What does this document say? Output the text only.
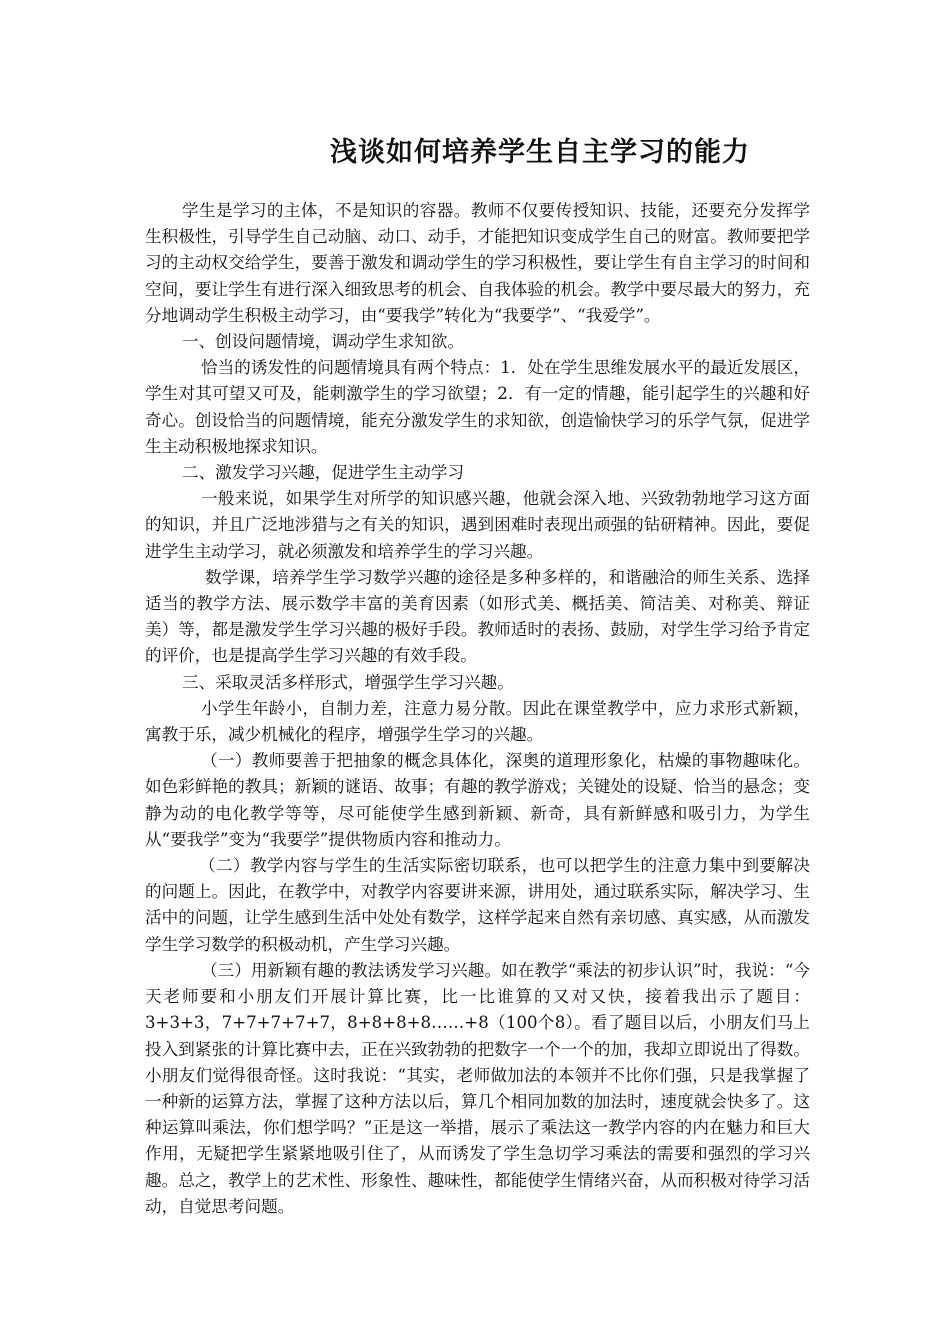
浅谈如何培养学生自主学习的能力

学生是学习的主体，不是知识的容器。教师不仅要传授知识、技能，还要充分发挥学生积极性，引导学生自己动脑、动口、动手，才能把知识变成学生自己的财富。教师要把学习的主动权交给学生，要善于激发和调动学生的学习积极性，要让学生有自主学习的时间和空间，要让学生有进行深入细致思考的机会、自我体验的机会。教学中要尽最大的努力，充分地调动学生积极主动学习，由“要我学”转化为“我要学”、“我爱学”。

一、创设问题情境，调动学生求知欲。

恰当的诱发性的问题情境具有两个特点：1．处在学生思维发展水平的最近发展区，学生对其可望又可及，能刺激学生的学习欲望；2．有一定的情趣，能引起学生的兴趣和好奇心。创设恰当的问题情境，能充分激发学生的求知欲，创造愉快学习的乐学气氛，促进学生主动积极地探求知识。

二、激发学习兴趣，促进学生主动学习

一般来说，如果学生对所学的知识感兴趣，他就会深入地、兴致勃勃地学习这方面的知识，并且广泛地涉猎与之有关的知识，遇到困难时表现出顽强的钻研精神。因此，要促进学生主动学习，就必须激发和培养学生的学习兴趣。

数学课，培养学生学习数学兴趣的途径是多种多样的，和谐融洽的师生关系、选择适当的教学方法、展示数学丰富的美育因素（如形式美、概括美、简洁美、对称美、辩证美）等，都是激发学生学习兴趣的极好手段。教师适时的表扬、鼓励，对学生学习给予肯定的评价，也是提高学生学习兴趣的有效手段。

三、采取灵活多样形式，增强学生学习兴趣。

小学生年龄小，自制力差，注意力易分散。因此在课堂教学中，应力求形式新颖，寓教于乐，减少机械化的程序，增强学生学习的兴趣。

（一）教师要善于把抽象的概念具体化，深奥的道理形象化，枯燥的事物趣味化。如色彩鲜艳的教具；新颖的谜语、故事；有趣的教学游戏；关键处的设疑、恰当的悬念；变静为动的电化教学等等，尽可能使学生感到新颖、新奇，具有新鲜感和吸引力，为学生从“要我学”变为“我要学”提供物质内容和推动力。

（二）教学内容与学生的生活实际密切联系，也可以把学生的注意力集中到要解决的问题上。因此，在教学中，对教学内容要讲来源，讲用处，通过联系实际，解决学习、生活中的问题，让学生感到生活中处处有数学，这样学起来自然有亲切感、真实感，从而激发学生学习数学的积极动机，产生学习兴趣。

（三）用新颖有趣的教法诱发学习兴趣。如在教学“乘法的初步认识”时，我说：“今天老师要和小朋友们开展计算比赛，比一比谁算的又对又快，接着我出示了题目：3+3+3，7+7+7+7+7，8+8+8+8……+8（100个8）。看了题目以后，小朋友们马上投入到紧张的计算比赛中去，正在兴致勃勃的把数字一个一个的加，我却立即说出了得数。小朋友们觉得很奇怪。这时我说：“其实，老师做加法的本领并不比你们强，只是我掌握了一种新的运算方法，掌握了这种方法以后，算几个相同加数的加法时，速度就会快多了。这种运算叫乘法，你们想学吗？”正是这一举措，展示了乘法这一教学内容的内在魅力和巨大作用，无疑把学生紧紧地吸引住了，从而诱发了学生急切学习乘法的需要和强烈的学习兴趣。总之，教学上的艺术性、形象性、趣味性，都能使学生情绪兴奋，从而积极对待学习活动，自觉思考问题。
